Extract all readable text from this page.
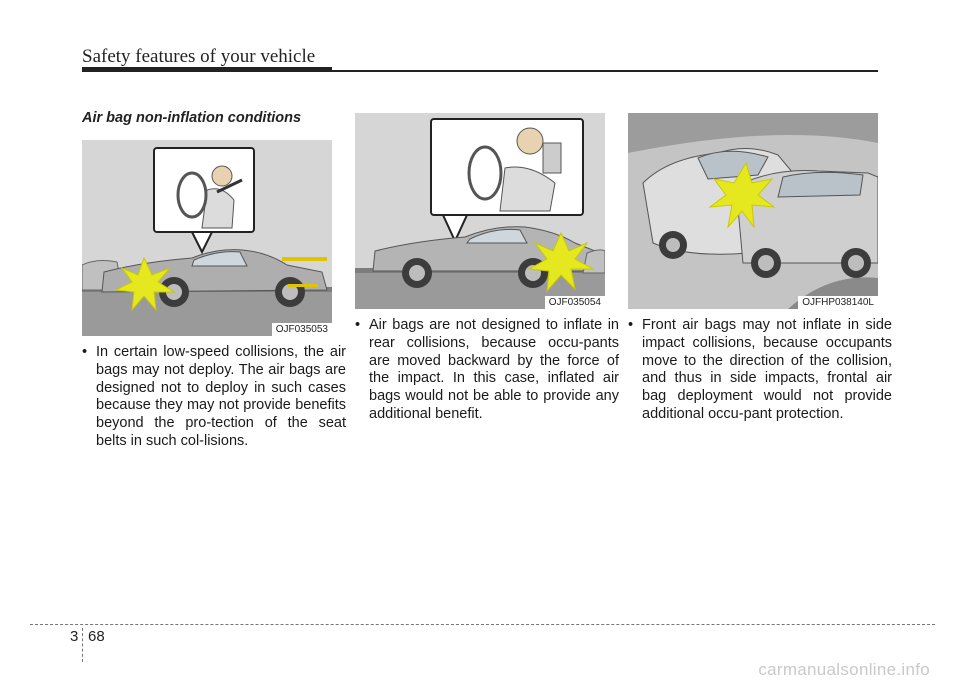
Safety features of your vehicle
Air bag non-inflation conditions
OJF035053
OJF035054	OJFHP038140L
• In certain low-speed collisions, the air bags may not deploy. The air bags are designed not to deploy in such cases because they may not provide benefits beyond the pro-tection of the seat belts in such col-lisions.
• Air bags are not designed to inflate in rear collisions, because occu-pants are moved backward by the force of the impact. In this case, inflated air bags would not be able to provide any additional benefit.
• Front air bags may not inflate in side impact collisions, because occupants move to the direction of the collision, and thus in side impacts, frontal air bag deployment would not provide additional occu-pant protection.
3 68
carmanualsonline.info
